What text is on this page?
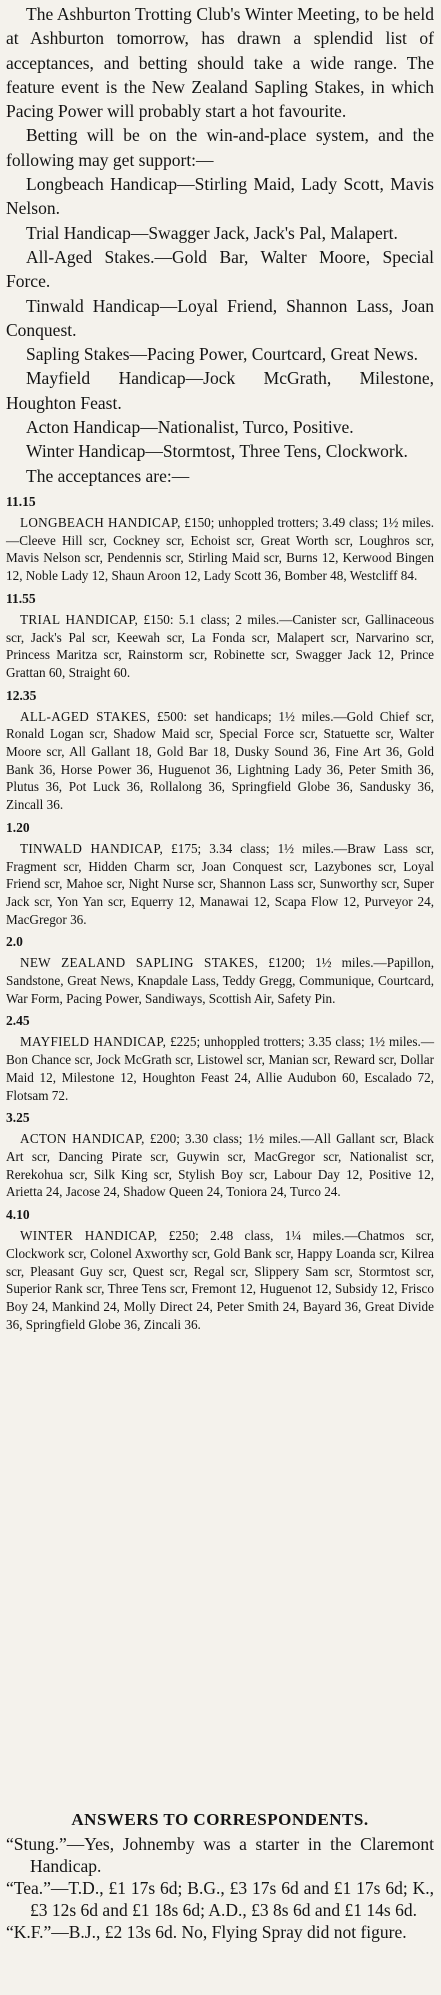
The Ashburton Trotting Club's Winter Meeting, to be held at Ashburton tomorrow, has drawn a splendid list of acceptances, and betting should take a wide range. The feature event is the New Zealand Sapling Stakes, in which Pacing Power will probably start a hot favourite.

Betting will be on the win-and-place system, and the following may get support:—

Longbeach Handicap—Stirling Maid, Lady Scott, Mavis Nelson.

Trial Handicap—Swagger Jack, Jack's Pal, Malapert.

All-Aged Stakes.—Gold Bar, Walter Moore, Special Force.

Tinwald Handicap—Loyal Friend, Shannon Lass, Joan Conquest.

Sapling Stakes—Pacing Power, Courtcard, Great News.

Mayfield Handicap—Jock McGrath, Milestone, Houghton Feast.

Acton Handicap—Nationalist, Turco, Positive.

Winter Handicap—Stormtost, Three Tens, Clockwork.

The acceptances are:—

11.15
LONGBEACH HANDICAP, £150; unhoppled trotters; 3.49 class; 1½ miles.—Cleeve Hill scr, Cockney scr, Echoist scr, Great Worth scr, Loughros scr, Mavis Nelson scr, Pendennis scr, Stirling Maid scr, Burns 12, Kerwood Bingen 12, Noble Lady 12, Shaun Aroon 12, Lady Scott 36, Bomber 48, Westcliff 84.
11.55
TRIAL HANDICAP, £150: 5.1 class; 2 miles.—Canister scr, Gallinaceous scr, Jack's Pal scr, Keewah scr, La Fonda scr, Malapert scr, Narvarino scr, Princess Maritza scr, Rainstorm scr, Robinette scr, Swagger Jack 12, Prince Grattan 60, Straight 60.
12.35
ALL-AGED STAKES, £500: set handicaps; 1½ miles.—Gold Chief scr, Ronald Logan scr, Shadow Maid scr, Special Force scr, Statuette scr, Walter Moore scr, All Gallant 18, Gold Bar 18, Dusky Sound 36, Fine Art 36, Gold Bank 36, Horse Power 36, Huguenot 36, Lightning Lady 36, Peter Smith 36, Plutus 36, Pot Luck 36, Rollalong 36, Springfield Globe 36, Sandusky 36, Zincall 36.
1.20
TINWALD HANDICAP, £175; 3.34 class; 1½ miles.—Braw Lass scr, Fragment scr, Hidden Charm scr, Joan Conquest scr, Lazybones scr, Loyal Friend scr, Mahoe scr, Night Nurse scr, Shannon Lass scr, Sunworthy scr, Super Jack scr, Yon Yan scr, Equerry 12, Manawai 12, Scapa Flow 12, Purveyor 24, MacGregor 36.
2.0
NEW ZEALAND SAPLING STAKES, £1200; 1½ miles.—Papillon, Sandstone, Great News, Knapdale Lass, Teddy Gregg, Communique, Courtcard, War Form, Pacing Power, Sandiways, Scottish Air, Safety Pin.
2.45
MAYFIELD HANDICAP, £225; unhoppled trotters; 3.35 class; 1½ miles.—Bon Chance scr, Jock McGrath scr, Listowel scr, Manian scr, Reward scr, Dollar Maid 12, Milestone 12, Houghton Feast 24, Allie Audubon 60, Escalado 72, Flotsam 72.
3.25
ACTON HANDICAP, £200; 3.30 class; 1½ miles.—All Gallant scr, Black Art scr, Dancing Pirate scr, Guywin scr, MacGregor scr, Nationalist scr, Rerekohua scr, Silk King scr, Stylish Boy scr, Labour Day 12, Positive 12, Arietta 24, Jacose 24, Shadow Queen 24, Toniora 24, Turco 24.
4.10
WINTER HANDICAP, £250; 2.48 class, 1¼ miles.—Chatmos scr, Clockwork scr, Colonel Axworthy scr, Gold Bank scr, Happy Loanda scr, Kilrea scr, Pleasant Guy scr, Quest scr, Regal scr, Slippery Sam scr, Stormtost scr, Superior Rank scr, Three Tens scr, Fremont 12, Huguenot 12, Subsidy 12, Frisco Boy 24, Mankind 24, Molly Direct 24, Peter Smith 24, Bayard 36, Great Divide 36, Springfield Globe 36, Zincali 36.
ANSWERS TO CORRESPONDENTS.

“Stung.”—Yes, Johnemby was a starter in the Claremont Handicap.

“Tea.”—T.D., £1 17s 6d; B.G., £3 17s 6d and £1 17s 6d; K., £3 12s 6d and £1 18s 6d; A.D., £3 8s 6d and £1 14s 6d.

“K.F.”—B.J., £2 13s 6d. No, Flying Spray did not figure.
